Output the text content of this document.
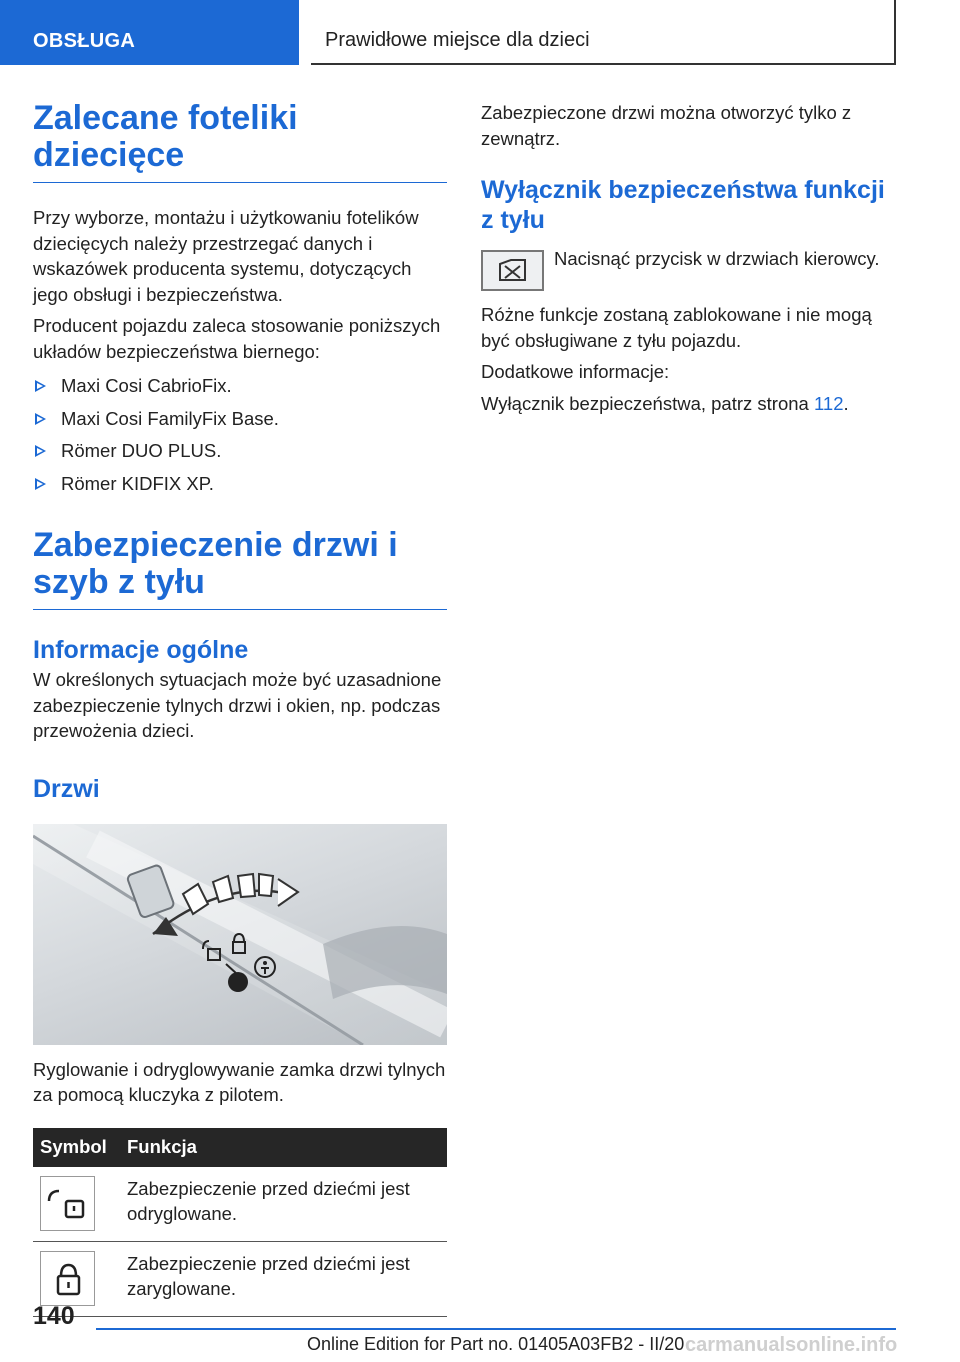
OBSŁUGA	Prawidłowe miejsce dla dzieci
Zalecane foteliki dziecięce

Przy wyborze, montażu i użytkowaniu fotelików dziecięcych należy przestrzegać danych i wskazówek producenta systemu, dotyczących jego obsługi i bezpieczeństwa.

Producent pojazdu zaleca stosowanie poniższych układów bezpieczeństwa biernego:

Maxi Cosi CabrioFix.
Maxi Cosi FamilyFix Base.
Römer DUO PLUS.
Römer KIDFIX XP.
Zabezpieczenie drzwi i szyb z tyłu
Informacje ogólne

W określonych sytuacjach może być uzasadnione zabezpieczenie tylnych drzwi i okien, np. podczas przewożenia dzieci.

Drzwi

Ryglowanie i odryglowywanie zamka drzwi tylnych za pomocą kluczyka z pilotem.

Symbol	Funkcja

	Zabezpieczenie przed dziećmi jest odryglowane.

	Zabezpieczenie przed dziećmi jest zaryglowane.

Zabezpieczone drzwi można otworzyć tylko z zewnątrz.

Wyłącznik bezpieczeństwa funkcji z tyłu

Nacisnąć przycisk w drzwiach kierowcy.

Różne funkcje zostaną zablokowane i nie mogą być obsługiwane z tyłu pojazdu.

Dodatkowe informacje:

Wyłącznik bezpieczeństwa, patrz strona 112.

140
Online Edition for Part no. 01405A03FB2 - II/20 carmanualsonline.info
